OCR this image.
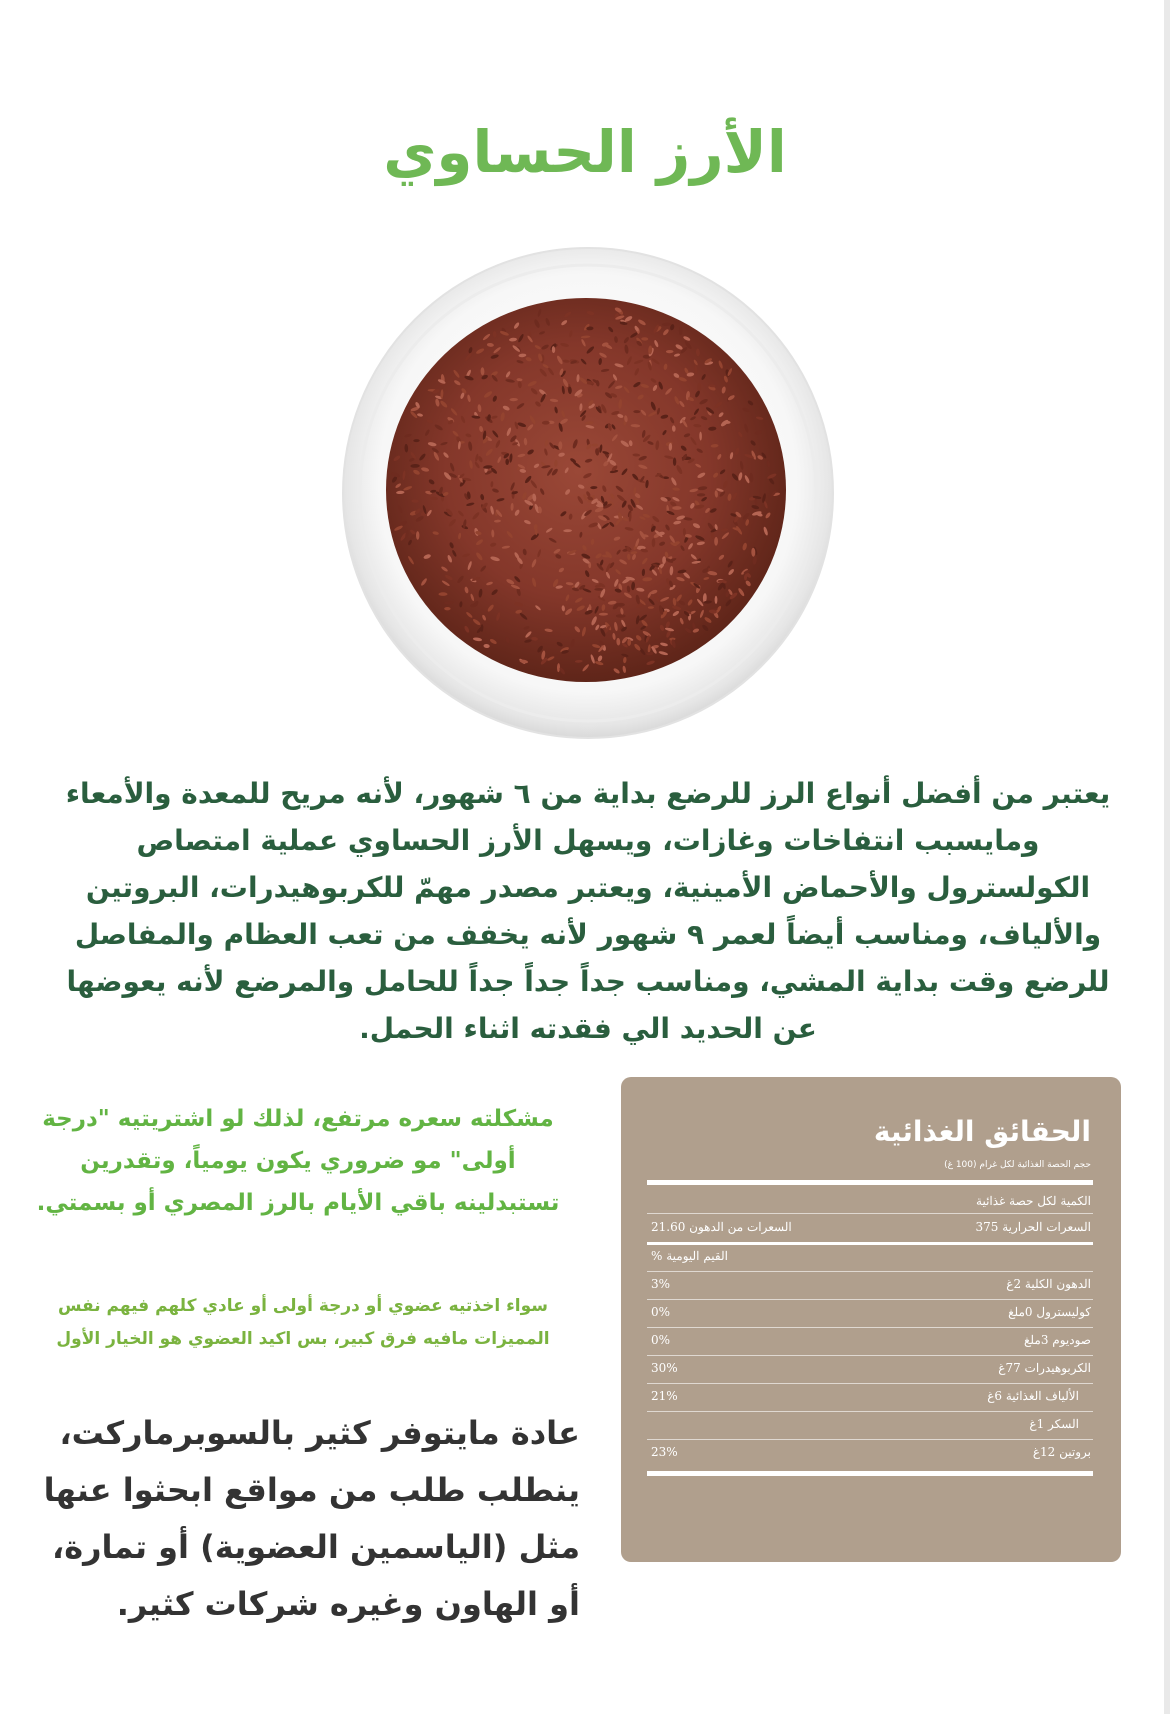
الأرز الحساوي
يعتبر من أفضل أنواع الرز للرضع بداية من ٦ شهور، لأنه مريح للمعدة والأمعاء
ومايسبب انتفاخات وغازات، ويسهل الأرز الحساوي عملية امتصاص
الكولسترول والأحماض الأمينية، ويعتبر مصدر مهمّ للكربوهيدرات، البروتين
والألياف، ومناسب أيضاً لعمر ٩ شهور لأنه يخفف من تعب العظام والمفاصل
للرضع وقت بداية المشي، ومناسب جداً جداً جداً للحامل والمرضع لأنه يعوضها
عن الحديد الي فقدته اثناء الحمل.
مشكلته سعره مرتفع، لذلك لو اشتريتيه "درجة
أولى" مو ضروري يكون يومياً، وتقدرين
تستبدلينه باقي الأيام بالرز المصري أو بسمتي.
سواء اخذتيه عضوي أو درجة أولى أو عادي كلهم فيهم نفس
المميزات مافيه فرق كبير، بس اكيد العضوي هو الخيار الأول
عادة مايتوفر كثير بالسوبرماركت،
ينطلب طلب من مواقع ابحثوا عنها
مثل (الياسمين العضوية) أو تمارة،
أو الهاون وغيره شركات كثير.
الحقائق الغذائية
حجم الحصة الغذائية لكل غرام (100 غ)
الكمية لكل حصة غذائية
السعرات الحرارية 375
السعرات من الدهون 21.60
القيم اليومية %
الدهون الكلية 2غ
3%
كوليسترول 0ملغ
0%
صوديوم 3ملغ
0%
الكربوهيدرات 77غ
30%
الألياف الغذائية 6غ
21%
السكر 1غ
بروتين 12غ
23%
